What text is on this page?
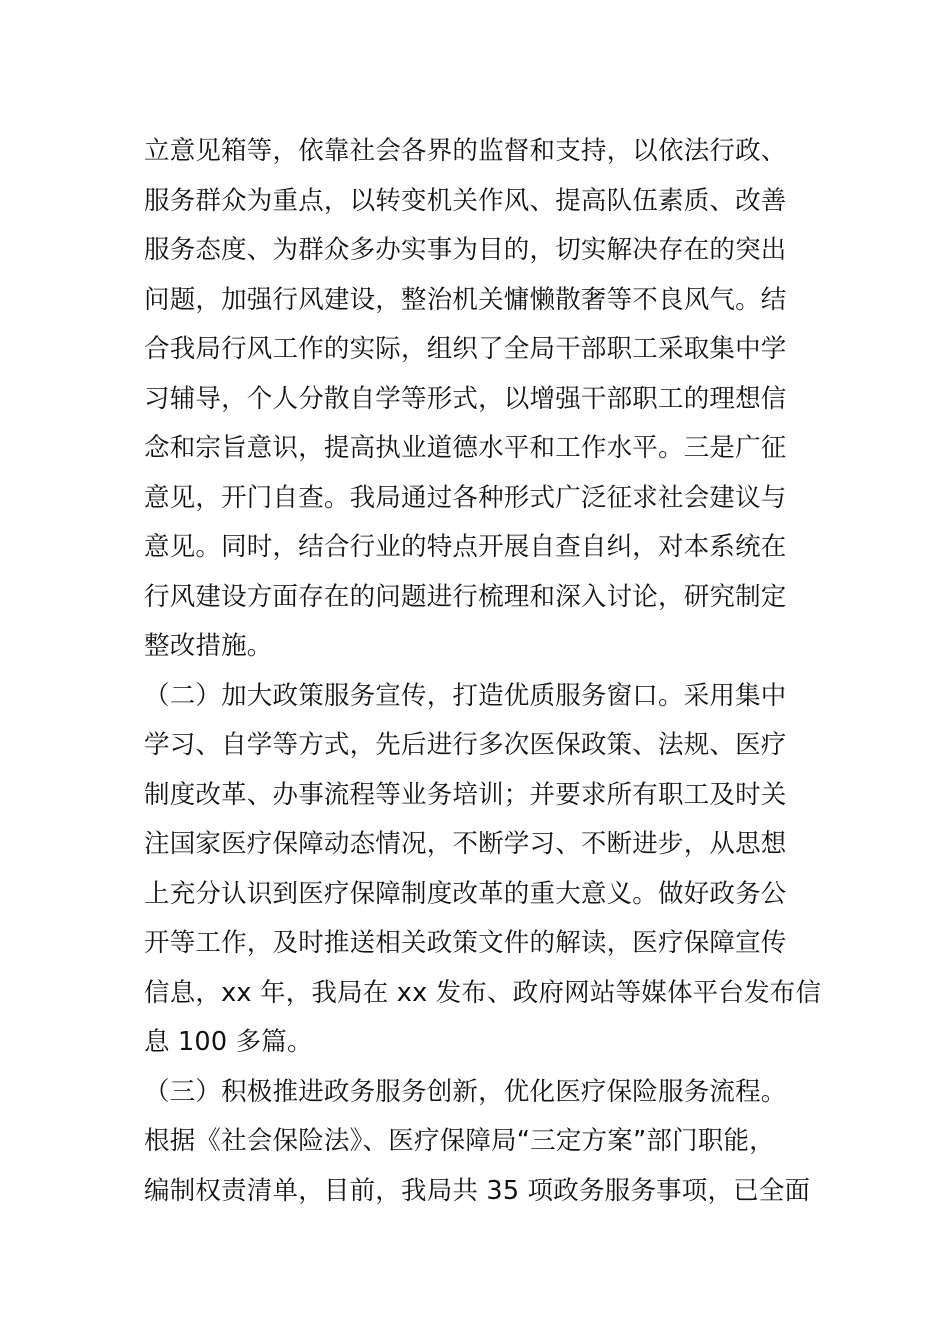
立意见箱等，依靠社会各界的监督和支持，以依法行政、
服务群众为重点，以转变机关作风、提高队伍素质、改善
服务态度、为群众多办实事为目的，切实解决存在的突出
问题，加强行风建设，整治机关慵懒散奢等不良风气。结
合我局行风工作的实际，组织了全局干部职工采取集中学
习辅导，个人分散自学等形式，以增强干部职工的理想信
念和宗旨意识，提高执业道德水平和工作水平。三是广征
意见，开门自查。我局通过各种形式广泛征求社会建议与
意见。同时，结合行业的特点开展自查自纠，对本系统在
行风建设方面存在的问题进行梳理和深入讨论，研究制定
整改措施。
（二）加大政策服务宣传，打造优质服务窗口。采用集中
学习、自学等方式，先后进行多次医保政策、法规、医疗
制度改革、办事流程等业务培训；并要求所有职工及时关
注国家医疗保障动态情况，不断学习、不断进步，从思想
上充分认识到医疗保障制度改革的重大意义。做好政务公
开等工作，及时推送相关政策文件的解读，医疗保障宣传
信息，xx 年，我局在 xx 发布、政府网站等媒体平台发布信
息 100 多篇。
（三）积极推进政务服务创新，优化医疗保险服务流程。
根据《社会保险法》、医疗保障局“三定方案”部门职能，
编制权责清单，目前，我局共 35 项政务服务事项，已全面
